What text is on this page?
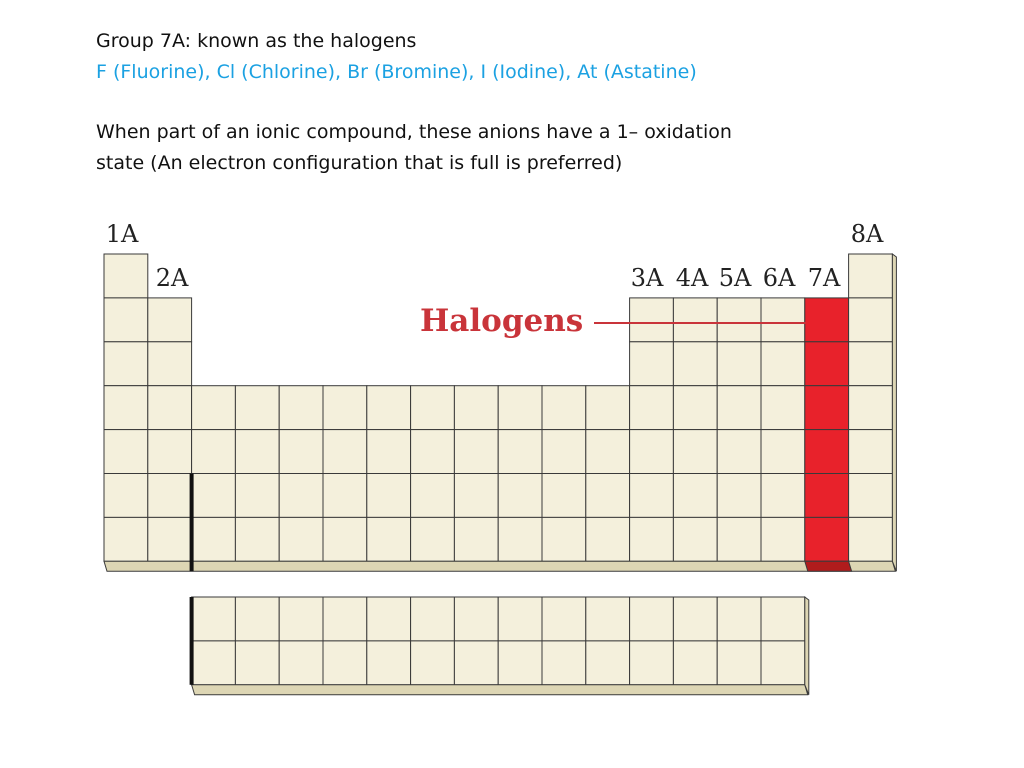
Group 7A: known as the halogens
F (Fluorine), Cl (Chlorine), Br (Bromine), I (Iodine), At (Astatine)
When part of an ionic compound, these anions have a 1– oxidation
state (An electron configuration that is full is preferred)
1A
2A	3A 4A 5A 6A 7A
8A
Halogens
